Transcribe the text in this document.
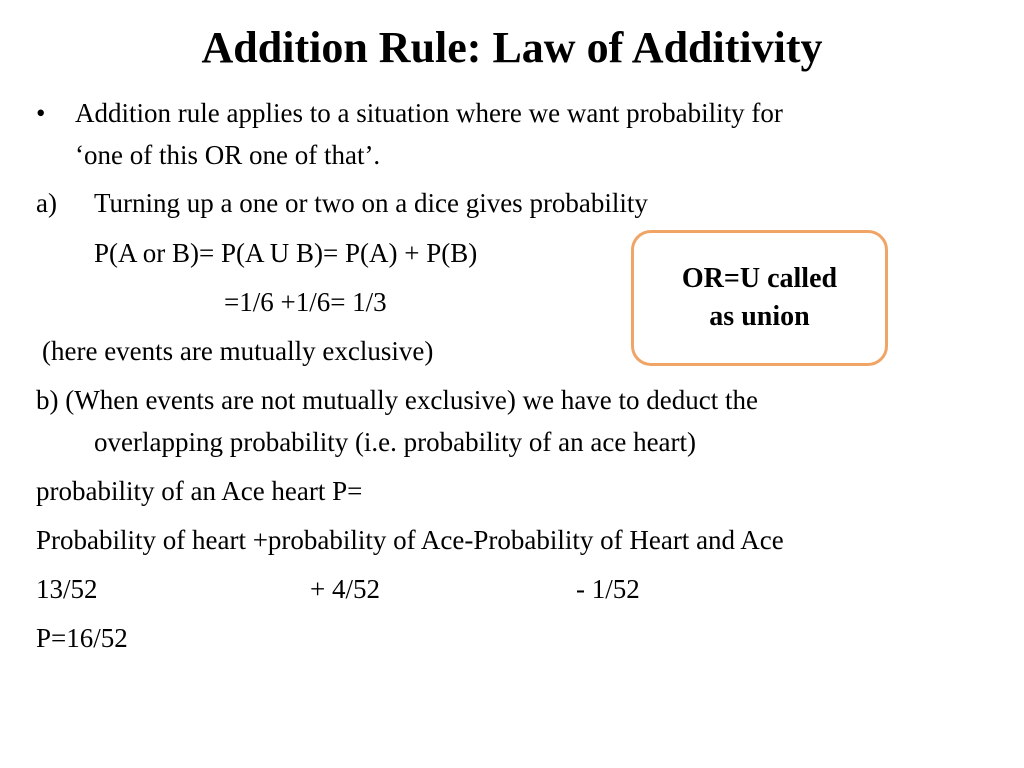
Addition Rule: Law of Additivity
• Addition rule applies to a situation where we want probability for
‘one of this OR one of that’.
a) Turning up a one or two on a dice gives probability
P(A or B)= P(A U B)= P(A) + P(B)
=1/6 +1/6= 1/3
(here events are mutually exclusive)
b) (When events are not mutually exclusive) we have to deduct the
overlapping probability (i.e. probability of an ace heart)
probability of an Ace heart P=
Probability of heart +probability of Ace-Probability of Heart and Ace
13/52	+ 4/52	- 1/52
P=16/52
OR=U called
as union
